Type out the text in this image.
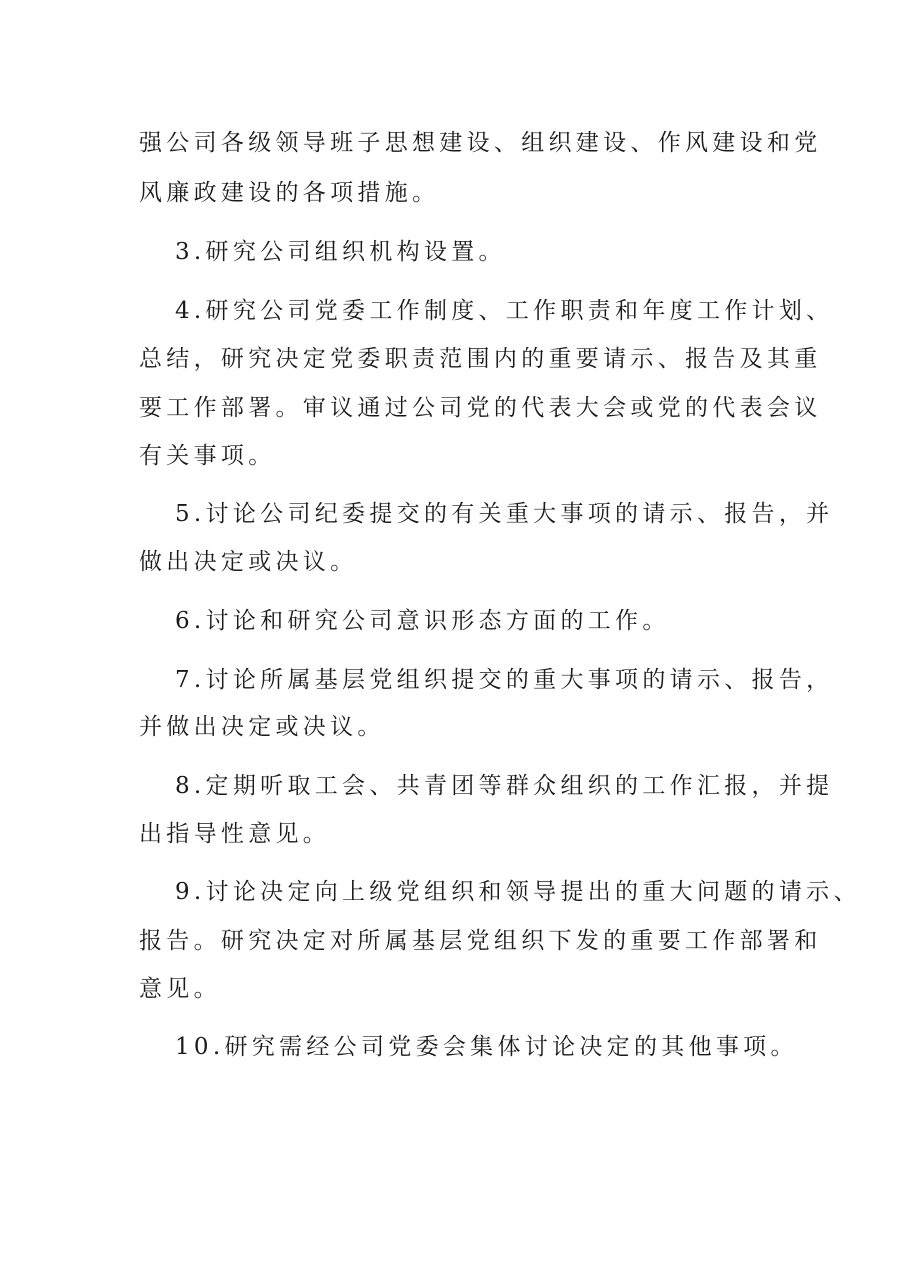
强公司各级领导班子思想建设、组织建设、作风建设和党
风廉政建设的各项措施。
3.研究公司组织机构设置。
4.研究公司党委工作制度、工作职责和年度工作计划、
总结，研究决定党委职责范围内的重要请示、报告及其重
要工作部署。审议通过公司党的代表大会或党的代表会议
有关事项。
5.讨论公司纪委提交的有关重大事项的请示、报告，并
做出决定或决议。
6.讨论和研究公司意识形态方面的工作。
7.讨论所属基层党组织提交的重大事项的请示、报告，
并做出决定或决议。
8.定期听取工会、共青团等群众组织的工作汇报，并提
出指导性意见。
9.讨论决定向上级党组织和领导提出的重大问题的请示、
报告。研究决定对所属基层党组织下发的重要工作部署和
意见。
10.研究需经公司党委会集体讨论决定的其他事项。
